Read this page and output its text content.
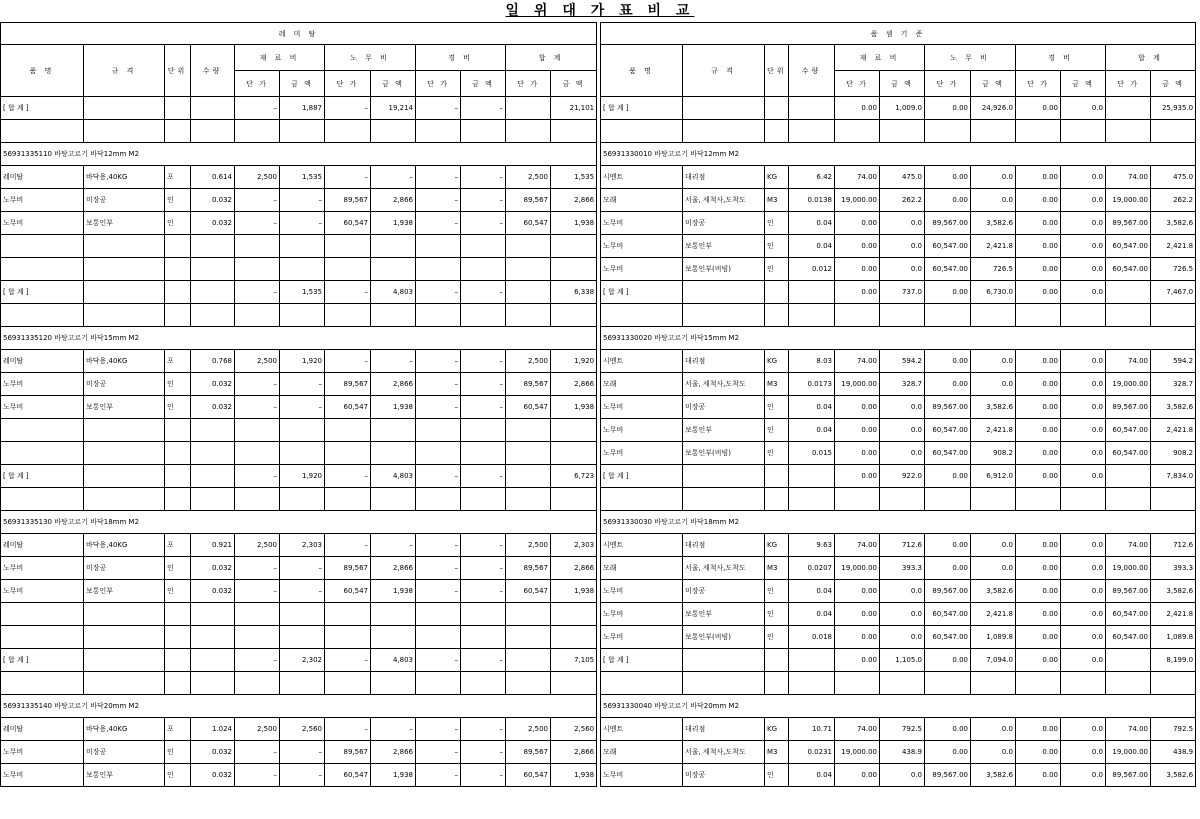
일 위 대 가 표 비 교
레 미 탈											
품 명	규 격	단위	수량	재 료 비		노 무 비		경 비		합 계	
				단 가	금 액	단 가	금 액	단 가	금 액	단 가	금 액
[ 합 계 ]				–	1,887	–	19,214	–	–		21,101

56931335110 바탕고르기 바닥12mm M2											
레미탈	바닥용,40KG	포	0.614	2,500	1,535	–	–	–	–	2,500	1,535
노무비	미장공	인	0.032	–	–	89,567	2,866	–	–	89,567	2,866
노무비	보통인부	인	0.032	–	–	60,547	1,938	–	–	60,547	1,938

[ 합 계 ]				–	1,535	–	4,803	–	–		6,338

56931335120 바탕고르기 바닥15mm M2											
레미탈	바닥용,40KG	포	0.768	2,500	1,920	–	–	–	–	2,500	1,920
노무비	미장공	인	0.032	–	–	89,567	2,866	–	–	89,567	2,866
노무비	보통인부	인	0.032	–	–	60,547	1,938	–	–	60,547	1,938

[ 합 계 ]				–	1,920	–	4,803	–	–		6,723

56931335130 바탕고르기 바닥18mm M2											
레미탈	바닥용,40KG	포	0.921	2,500	2,303	–	–	–	–	2,500	2,303
노무비	미장공	인	0.032	–	–	89,567	2,866	–	–	89,567	2,866
노무비	보통인부	인	0.032	–	–	60,547	1,938	–	–	60,547	1,938

[ 합 계 ]				–	2,302	–	4,803	–	–		7,105

56931335140 바탕고르기 바닥20mm M2											
레미탈	바닥용,40KG	포	1.024	2,500	2,560	–	–	–	–	2,500	2,560
노무비	미장공	인	0.032	–	–	89,567	2,866	–	–	89,567	2,866
노무비	보통인부	인	0.032	–	–	60,547	1,938	–	–	60,547	1,938
품 셈 기 준											
품 명	규 격	단위	수량	재 료 비		노 무 비		경 비		합 계	
				단 가	금 액	단 가	금 액	단 가	금 액	단 가	금 액
[ 합 계 ]				0.00	1,009.0	0.00	24,926.0	0.00	0.0		25,935.0

56931330010 바탕고르기 바닥12mm M2											
시멘트	대리점	KG	6.42	74.00	475.0	0.00	0.0	0.00	0.0	74.00	475.0
모래	서울, 세척사,도착도	M3	0.0138	19,000.00	262.2	0.00	0.0	0.00	0.0	19,000.00	262.2
노무비	미장공	인	0.04	0.00	0.0	89,567.00	3,582.6	0.00	0.0	89,567.00	3,582.6
노무비	보통인부	인	0.04	0.00	0.0	60,547.00	2,421.8	0.00	0.0	60,547.00	2,421.8
노무비	보통인부(비빔)	인	0.012	0.00	0.0	60,547.00	726.5	0.00	0.0	60,547.00	726.5
[ 합 계 ]				0.00	737.0	0.00	6,730.0	0.00	0.0		7,467.0

56931330020 바탕고르기 바닥15mm M2											
시멘트	대리점	KG	8.03	74.00	594.2	0.00	0.0	0.00	0.0	74.00	594.2
모래	서울, 세척사,도착도	M3	0.0173	19,000.00	328.7	0.00	0.0	0.00	0.0	19,000.00	328.7
노무비	미장공	인	0.04	0.00	0.0	89,567.00	3,582.6	0.00	0.0	89,567.00	3,582.6
노무비	보통인부	인	0.04	0.00	0.0	60,547.00	2,421.8	0.00	0.0	60,547.00	2,421.8
노무비	보통인부(비빔)	인	0.015	0.00	0.0	60,547.00	908.2	0.00	0.0	60,547.00	908.2
[ 합 계 ]				0.00	922.0	0.00	6,912.0	0.00	0.0		7,834.0

56931330030 바탕고르기 바닥18mm M2											
시멘트	대리점	KG	9.63	74.00	712.6	0.00	0.0	0.00	0.0	74.00	712.6
모래	서울, 세척사,도착도	M3	0.0207	19,000.00	393.3	0.00	0.0	0.00	0.0	19,000.00	393.3
노무비	미장공	인	0.04	0.00	0.0	89,567.00	3,582.6	0.00	0.0	89,567.00	3,582.6
노무비	보통인부	인	0.04	0.00	0.0	60,547.00	2,421.8	0.00	0.0	60,547.00	2,421.8
노무비	보통인부(비빔)	인	0.018	0.00	0.0	60,547.00	1,089.8	0.00	0.0	60,547.00	1,089.8
[ 합 계 ]				0.00	1,105.0	0.00	7,094.0	0.00	0.0		8,199.0

56931330040 바탕고르기 바닥20mm M2											
시멘트	대리점	KG	10.71	74.00	792.5	0.00	0.0	0.00	0.0	74.00	792.5
모래	서울, 세척사,도착도	M3	0.0231	19,000.00	438.9	0.00	0.0	0.00	0.0	19,000.00	438.9
노무비	미장공	인	0.04	0.00	0.0	89,567.00	3,582.6	0.00	0.0	89,567.00	3,582.6
